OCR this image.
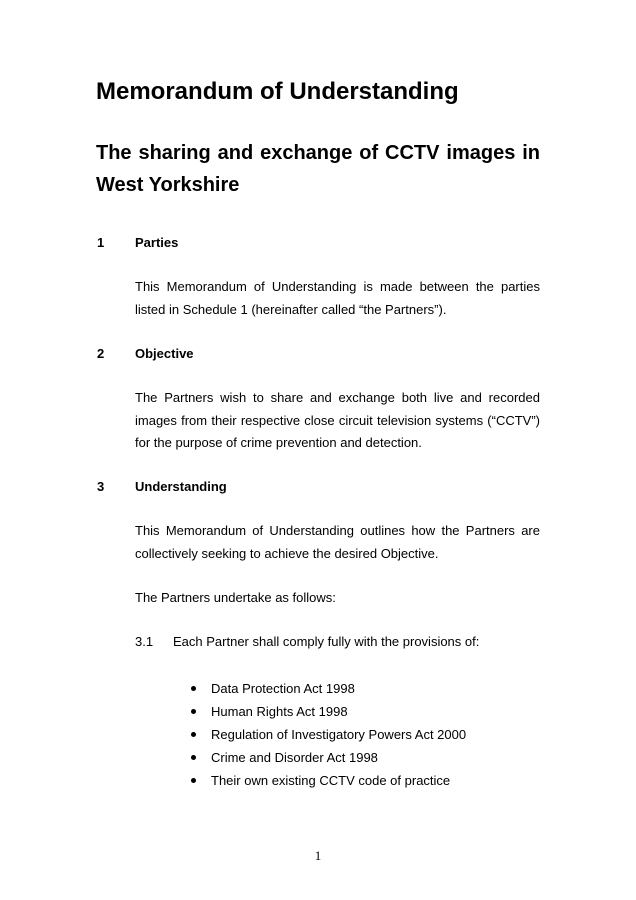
Memorandum of Understanding
The sharing and exchange of CCTV images in West Yorkshire
1 Parties

This Memorandum of Understanding is made between the parties listed in Schedule 1 (hereinafter called “the Partners”).

2 Objective

The Partners wish to share and exchange both live and recorded images from their respective close circuit television systems (“CCTV”) for the purpose of crime prevention and detection.

3 Understanding

This Memorandum of Understanding outlines how the Partners are collectively seeking to achieve the desired Objective.

The Partners undertake as follows:

3.1 Each Partner shall comply fully with the provisions of:
Data Protection Act 1998
Human Rights Act 1998
Regulation of Investigatory Powers Act 2000
Crime and Disorder Act 1998
Their own existing CCTV code of practice
1
